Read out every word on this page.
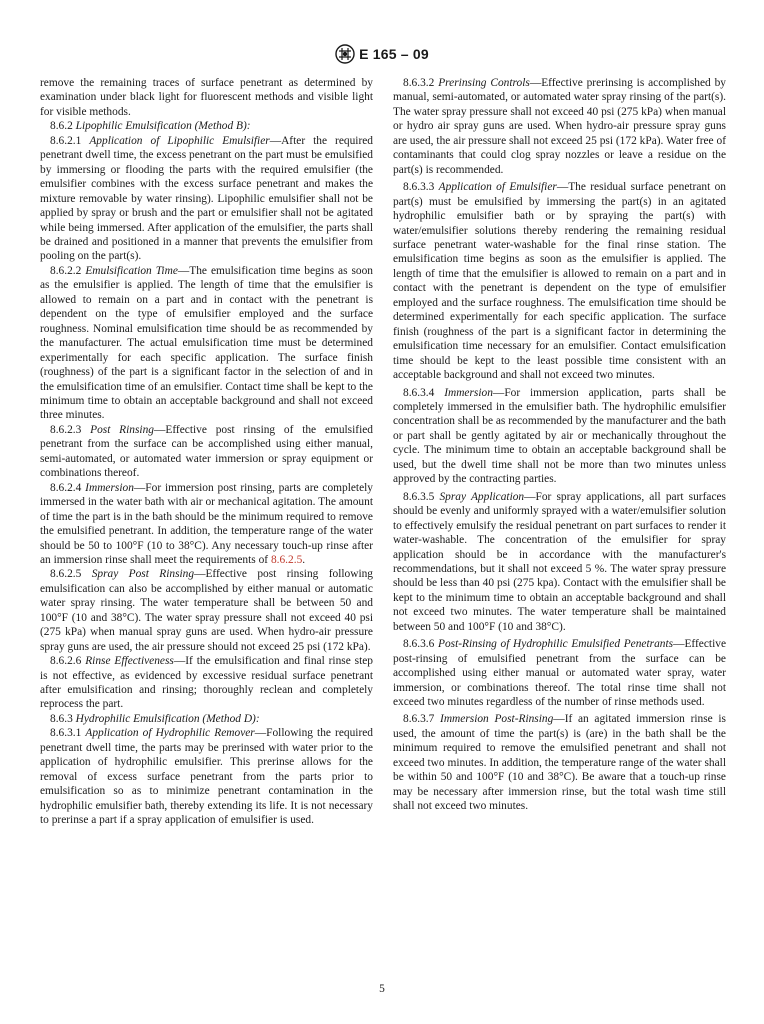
E 165 – 09

remove the remaining traces of surface penetrant as determined by examination under black light for fluorescent methods and visible light for visible methods.

8.6.2 Lipophilic Emulsification (Method B):

8.6.2.1 Application of Lipophilic Emulsifier—After the required penetrant dwell time, the excess penetrant on the part must be emulsified by immersing or flooding the parts with the required emulsifier (the emulsifier combines with the excess surface penetrant and makes the mixture removable by water rinsing). Lipophilic emulsifier shall not be applied by spray or brush and the part or emulsifier shall not be agitated while being immersed. After application of the emulsifier, the parts shall be drained and positioned in a manner that prevents the emulsifier from pooling on the part(s).

8.6.2.2 Emulsification Time—The emulsification time begins as soon as the emulsifier is applied. The length of time that the emulsifier is allowed to remain on a part and in contact with the penetrant is dependent on the type of emulsifier employed and the surface roughness. Nominal emulsification time should be as recommended by the manufacturer. The actual emulsification time must be determined experimentally for each specific application. The surface finish (roughness) of the part is a significant factor in the selection of and in the emulsification time of an emulsifier. Contact time shall be kept to the minimum time to obtain an acceptable background and shall not exceed three minutes.

8.6.2.3 Post Rinsing—Effective post rinsing of the emulsified penetrant from the surface can be accomplished using either manual, semi-automated, or automated water immersion or spray equipment or combinations thereof.

8.6.2.4 Immersion—For immersion post rinsing, parts are completely immersed in the water bath with air or mechanical agitation. The amount of time the part is in the bath should be the minimum required to remove the emulsified penetrant. In addition, the temperature range of the water should be 50 to 100°F (10 to 38°C). Any necessary touch-up rinse after an immersion rinse shall meet the requirements of 8.6.2.5.

8.6.2.5 Spray Post Rinsing—Effective post rinsing following emulsification can also be accomplished by either manual or automatic water spray rinsing. The water temperature shall be between 50 and 100°F (10 and 38°C). The water spray pressure shall not exceed 40 psi (275 kPa) when manual spray guns are used. When hydro-air pressure spray guns are used, the air pressure should not exceed 25 psi (172 kPa).

8.6.2.6 Rinse Effectiveness—If the emulsification and final rinse step is not effective, as evidenced by excessive residual surface penetrant after emulsification and rinsing; thoroughly reclean and completely reprocess the part.

8.6.3 Hydrophilic Emulsification (Method D):

8.6.3.1 Application of Hydrophilic Remover—Following the required penetrant dwell time, the parts may be prerinsed with water prior to the application of hydrophilic emulsifier. This prerinse allows for the removal of excess surface penetrant from the parts prior to emulsification so as to minimize penetrant contamination in the hydrophilic emulsifier bath, thereby extending its life. It is not necessary to prerinse a part if a spray application of emulsifier is used.

8.6.3.2 Prerinsing Controls—Effective prerinsing is accomplished by manual, semi-automated, or automated water spray rinsing of the part(s). The water spray pressure shall not exceed 40 psi (275 kPa) when manual or hydro air spray guns are used. When hydro-air pressure spray guns are used, the air pressure shall not exceed 25 psi (172 kPa). Water free of contaminants that could clog spray nozzles or leave a residue on the part(s) is recommended.

8.6.3.3 Application of Emulsifier—The residual surface penetrant on part(s) must be emulsified by immersing the part(s) in an agitated hydrophilic emulsifier bath or by spraying the part(s) with water/emulsifier solutions thereby rendering the remaining residual surface penetrant water-washable for the final rinse station. The emulsification time begins as soon as the emulsifier is applied. The length of time that the emulsifier is allowed to remain on a part and in contact with the penetrant is dependent on the type of emulsifier employed and the surface roughness. The emulsification time should be determined experimentally for each specific application. The surface finish (roughness of the part is a significant factor in determining the emulsification time necessary for an emulsifier. Contact emulsification time should be kept to the least possible time consistent with an acceptable background and shall not exceed two minutes.

8.6.3.4 Immersion—For immersion application, parts shall be completely immersed in the emulsifier bath. The hydrophilic emulsifier concentration shall be as recommended by the manufacturer and the bath or part shall be gently agitated by air or mechanically throughout the cycle. The minimum time to obtain an acceptable background shall be used, but the dwell time shall not be more than two minutes unless approved by the contracting parties.

8.6.3.5 Spray Application—For spray applications, all part surfaces should be evenly and uniformly sprayed with a water/emulsifier solution to effectively emulsify the residual penetrant on part surfaces to render it water-washable. The concentration of the emulsifier for spray application should be in accordance with the manufacturer's recommendations, but it shall not exceed 5 %. The water spray pressure should be less than 40 psi (275 kpa). Contact with the emulsifier shall be kept to the minimum time to obtain an acceptable background and shall not exceed two minutes. The water temperature shall be maintained between 50 and 100°F (10 and 38°C).

8.6.3.6 Post-Rinsing of Hydrophilic Emulsified Penetrants—Effective post-rinsing of emulsified penetrant from the surface can be accomplished using either manual or automated water spray, water immersion, or combinations thereof. The total rinse time shall not exceed two minutes regardless of the number of rinse methods used.

8.6.3.7 Immersion Post-Rinsing—If an agitated immersion rinse is used, the amount of time the part(s) is (are) in the bath shall be the minimum required to remove the emulsified penetrant and shall not exceed two minutes. In addition, the temperature range of the water shall be within 50 and 100°F (10 and 38°C). Be aware that a touch-up rinse may be necessary after immersion rinse, but the total wash time still shall not exceed two minutes.

5
